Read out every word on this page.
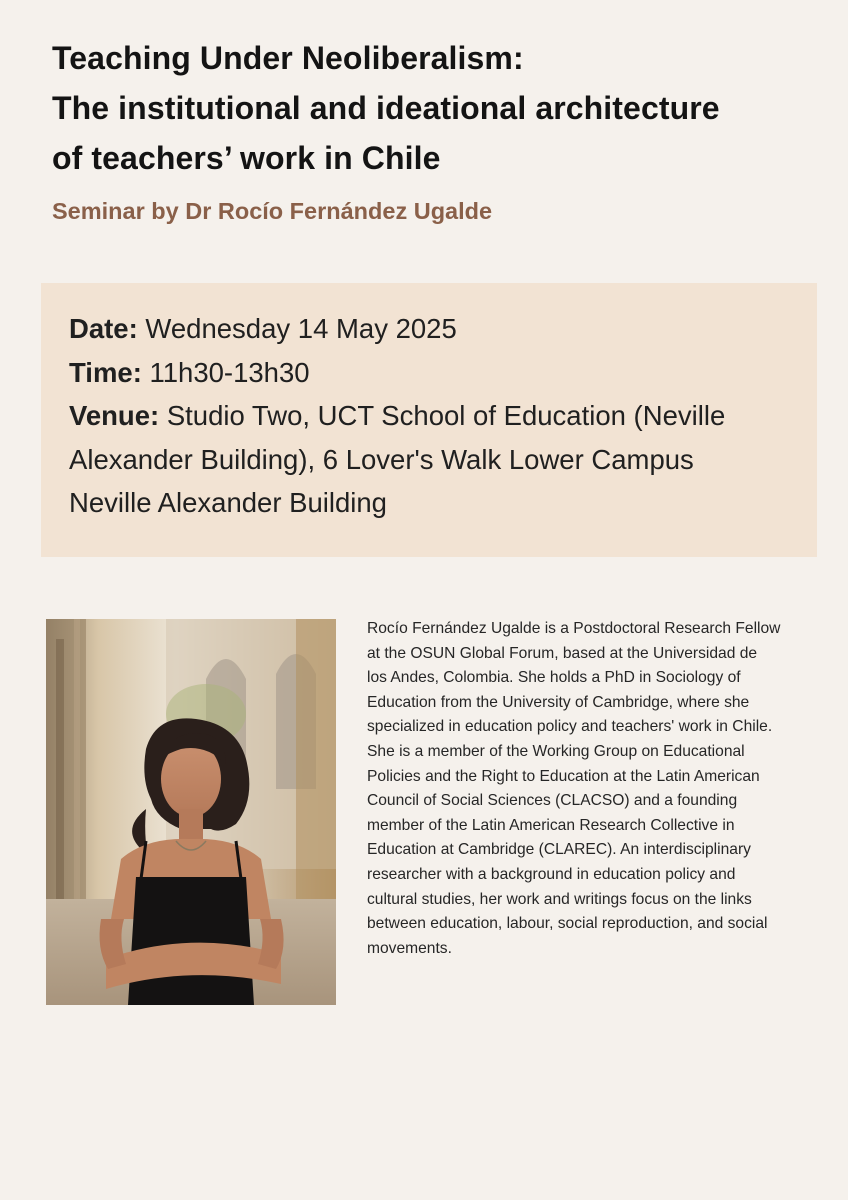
Teaching Under Neoliberalism:
The institutional and ideational architecture
of teachers’ work in Chile
Seminar by Dr Rocío Fernández Ugalde

Date: Wednesday 14 May 2025

Time: 11h30-13h30

Venue: Studio Two, UCT School of Education (Neville

Alexander Building), 6 Lover's Walk Lower Campus

Neville Alexander Building

Rocío Fernández Ugalde is a Postdoctoral Research Fellow
at the OSUN Global Forum, based at the Universidad de
los Andes, Colombia. She holds a PhD in Sociology of
Education from the University of Cambridge, where she
specialized in education policy and teachers' work in Chile.
She is a member of the Working Group on Educational
Policies and the Right to Education at the Latin American
Council of Social Sciences (CLACSO) and a founding
member of the Latin American Research Collective in
Education at Cambridge (CLAREC). An interdisciplinary
researcher with a background in education policy and
cultural studies, her work and writings focus on the links
between education, labour, social reproduction, and social
movements.
